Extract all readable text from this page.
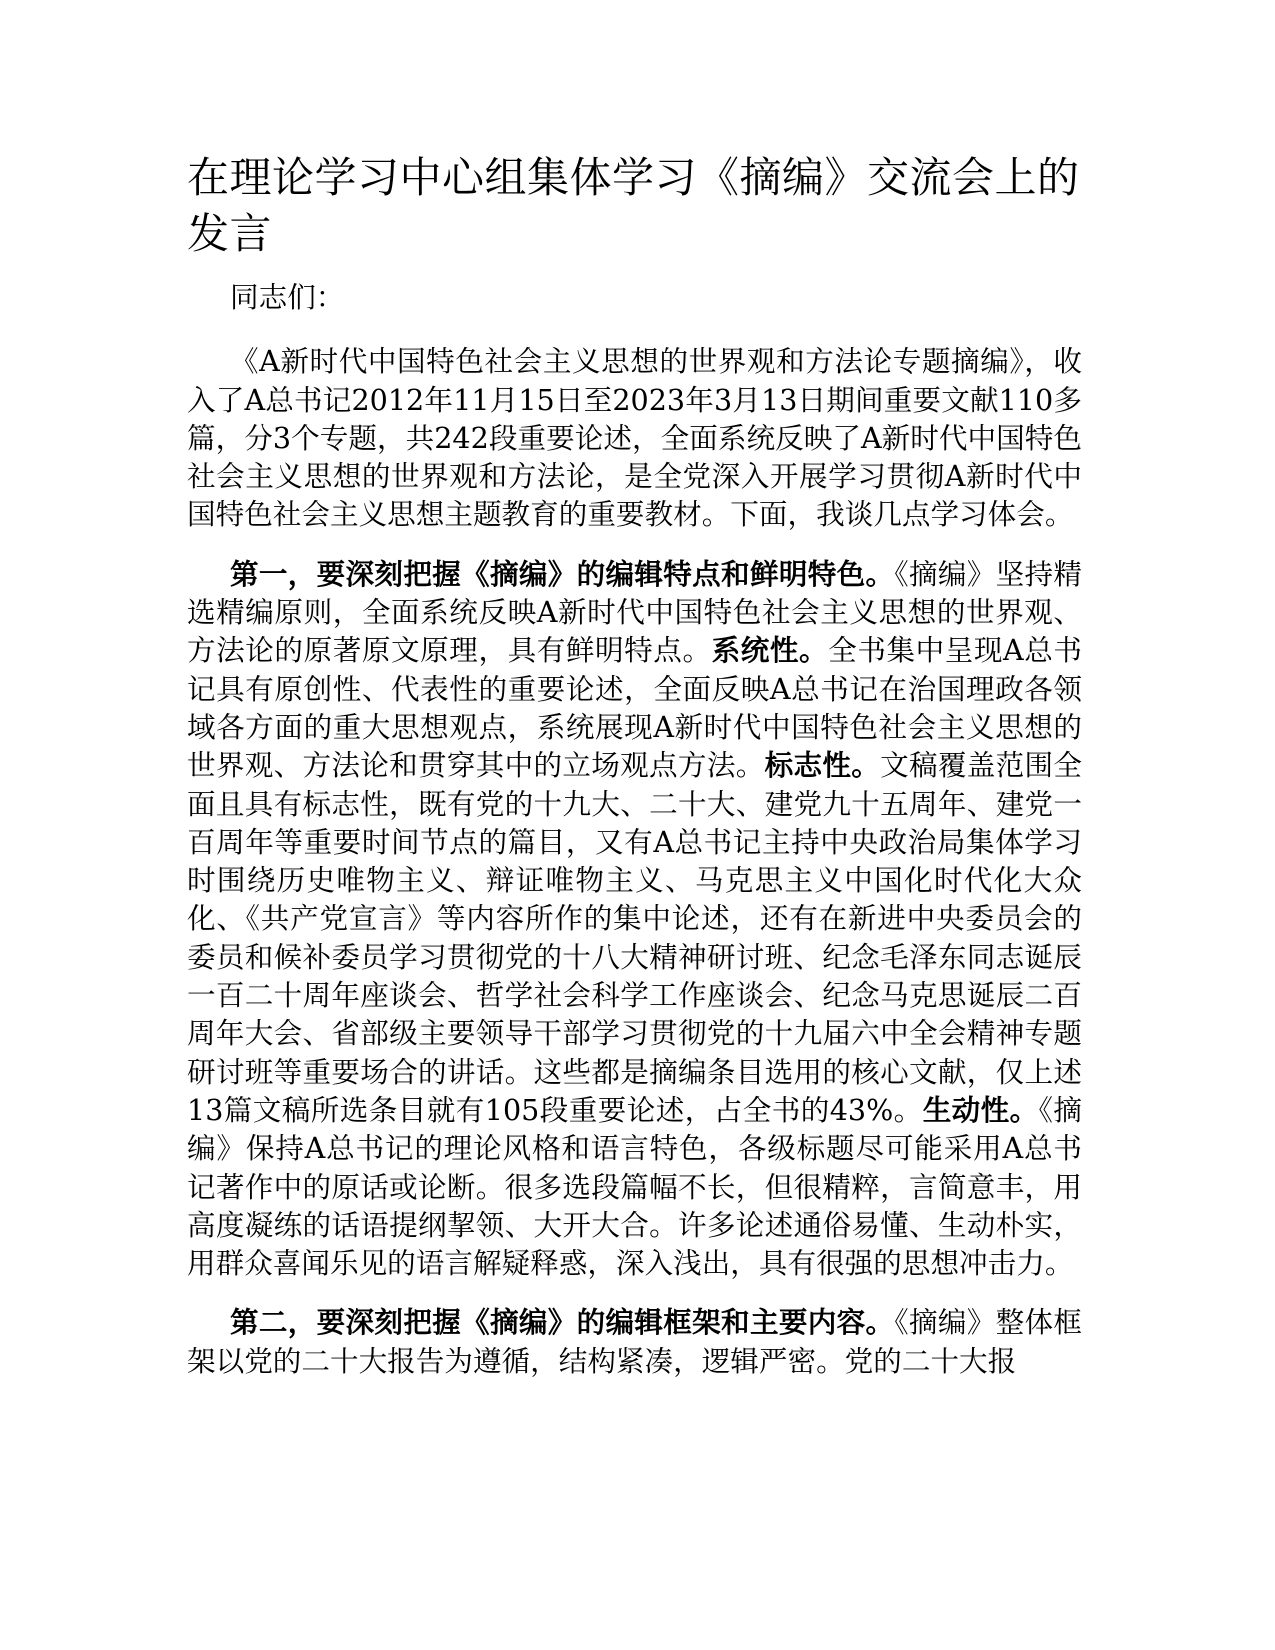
在理论学习中心组集体学习《摘编》交流会上的发言

同志们：

《A新时代中国特色社会主义思想的世界观和方法论专题摘编》，收入了A总书记2012年11月15日至2023年3月13日期间重要文献110多篇，分3个专题，共242段重要论述，全面系统反映了A新时代中国特色社会主义思想的世界观和方法论，是全党深入开展学习贯彻A新时代中国特色社会主义思想主题教育的重要教材。下面，我谈几点学习体会。

第一，要深刻把握《摘编》的编辑特点和鲜明特色。《摘编》坚持精选精编原则，全面系统反映A新时代中国特色社会主义思想的世界观、方法论的原著原文原理，具有鲜明特点。系统性。全书集中呈现A总书记具有原创性、代表性的重要论述，全面反映A总书记在治国理政各领域各方面的重大思想观点，系统展现A新时代中国特色社会主义思想的世界观、方法论和贯穿其中的立场观点方法。标志性。文稿覆盖范围全面且具有标志性，既有党的十九大、二十大、建党九十五周年、建党一百周年等重要时间节点的篇目，又有A总书记主持中央政治局集体学习时围绕历史唯物主义、辩证唯物主义、马克思主义中国化时代化大众化、《共产党宣言》等内容所作的集中论述，还有在新进中央委员会的委员和候补委员学习贯彻党的十八大精神研讨班、纪念毛泽东同志诞辰一百二十周年座谈会、哲学社会科学工作座谈会、纪念马克思诞辰二百周年大会、省部级主要领导干部学习贯彻党的十九届六中全会精神专题研讨班等重要场合的讲话。这些都是摘编条目选用的核心文献，仅上述13篇文稿所选条目就有105段重要论述，占全书的43%。生动性。《摘编》保持A总书记的理论风格和语言特色，各级标题尽可能采用A总书记著作中的原话或论断。很多选段篇幅不长，但很精粹，言简意丰，用高度凝练的话语提纲挈领、大开大合。许多论述通俗易懂、生动朴实，用群众喜闻乐见的语言解疑释惑，深入浅出，具有很强的思想冲击力。

第二，要深刻把握《摘编》的编辑框架和主要内容。《摘编》整体框架以党的二十大报告为遵循，结构紧凑，逻辑严密。党的二十大报
